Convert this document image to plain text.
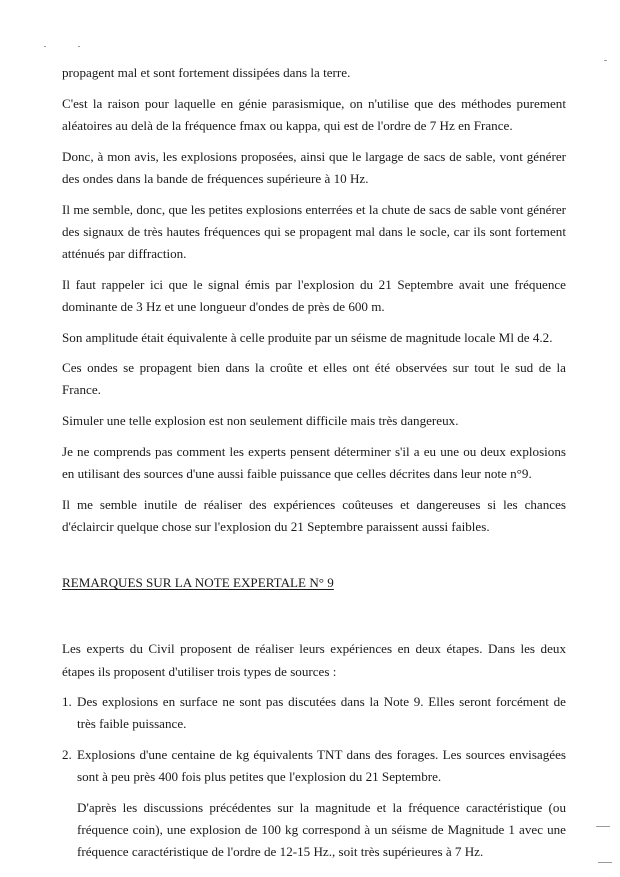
propagent mal et sont fortement dissipées dans la terre.

C'est la raison pour laquelle en génie parasismique, on n'utilise que des méthodes purement aléatoires au delà de la fréquence fmax ou kappa, qui est de l'ordre de 7 Hz en France.

Donc, à mon avis, les explosions proposées, ainsi que le largage de sacs de sable, vont générer des ondes dans la bande de fréquences supérieure à 10 Hz.

Il me semble, donc, que les petites explosions enterrées et la chute de sacs de sable vont générer des signaux de très hautes fréquences qui se propagent mal dans le socle, car ils sont fortement atténués par diffraction.

Il faut rappeler ici que le signal émis par l'explosion du 21 Septembre avait une fréquence dominante de 3 Hz et une longueur d'ondes de près de 600 m.

Son amplitude était équivalente à celle produite par un séisme de magnitude locale Ml de 4.2.

Ces ondes se propagent bien dans la croûte et elles ont été observées sur tout le sud de la France.

Simuler une telle explosion est non seulement difficile mais très dangereux.

Je ne comprends pas comment les experts pensent déterminer s'il a eu une ou deux explosions en utilisant des sources d'une aussi faible puissance que celles décrites dans leur note n°9.

Il me semble inutile de réaliser des expériences coûteuses et dangereuses si les chances d'éclaircir quelque chose sur l'explosion du 21 Septembre paraissent aussi faibles.

REMARQUES SUR LA NOTE EXPERTALE N° 9

Les experts du Civil proposent de réaliser leurs expériences en deux étapes. Dans les deux étapes ils proposent d'utiliser trois types de sources :

1. Des explosions en surface ne sont pas discutées dans la Note 9. Elles seront forcément de très faible puissance.
2. Explosions d'une centaine de kg équivalents TNT dans des forages. Les sources envisagées sont à peu près 400 fois plus petites que l'explosion du 21 Septembre.

D'après les discussions précédentes sur la magnitude et la fréquence caractéristique (ou fréquence coin), une explosion de 100 kg correspond à un séisme de Magnitude 1 avec une fréquence caractéristique de l'ordre de 12-15 Hz., soit très supérieures à 7 Hz.
